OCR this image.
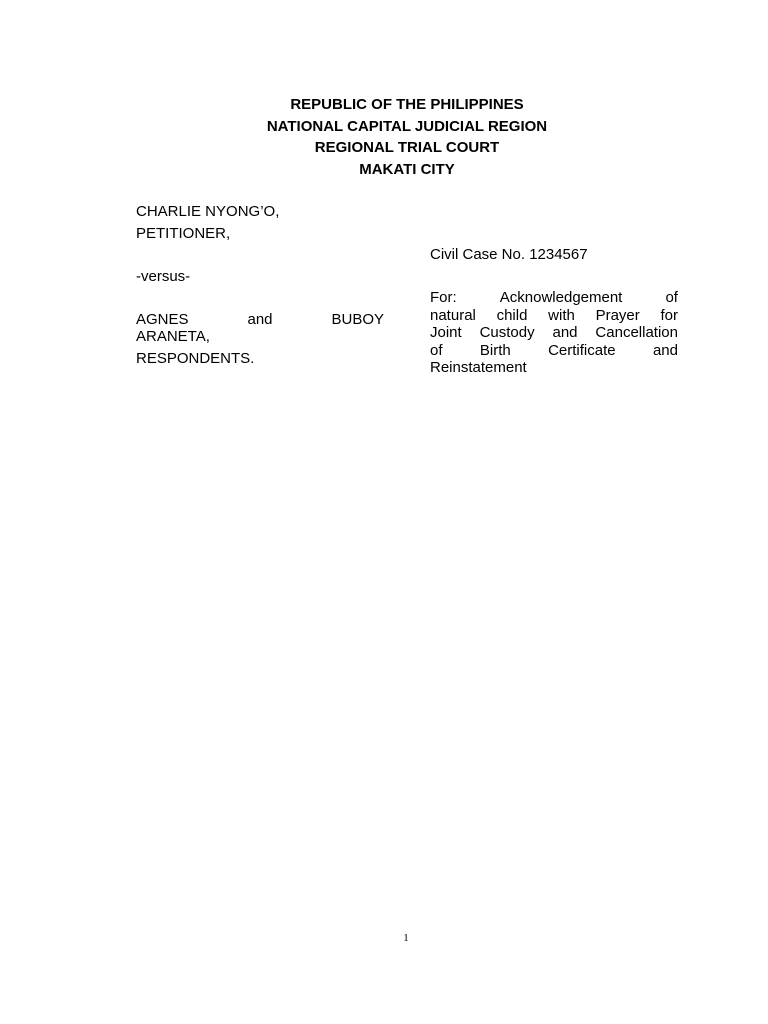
REPUBLIC OF THE PHILIPPINES
NATIONAL CAPITAL JUDICIAL REGION
REGIONAL TRIAL COURT
MAKATI CITY
CHARLIE NYONG’O,
PETITIONER,
-versus-
AGNES	and	BUBOY
ARANETA,
RESPONDENTS.
Civil Case No. 1234567
For:	Acknowledgement	of
natural child with Prayer for
Joint Custody and Cancellation
of Birth Certificate and
Reinstatement
1
